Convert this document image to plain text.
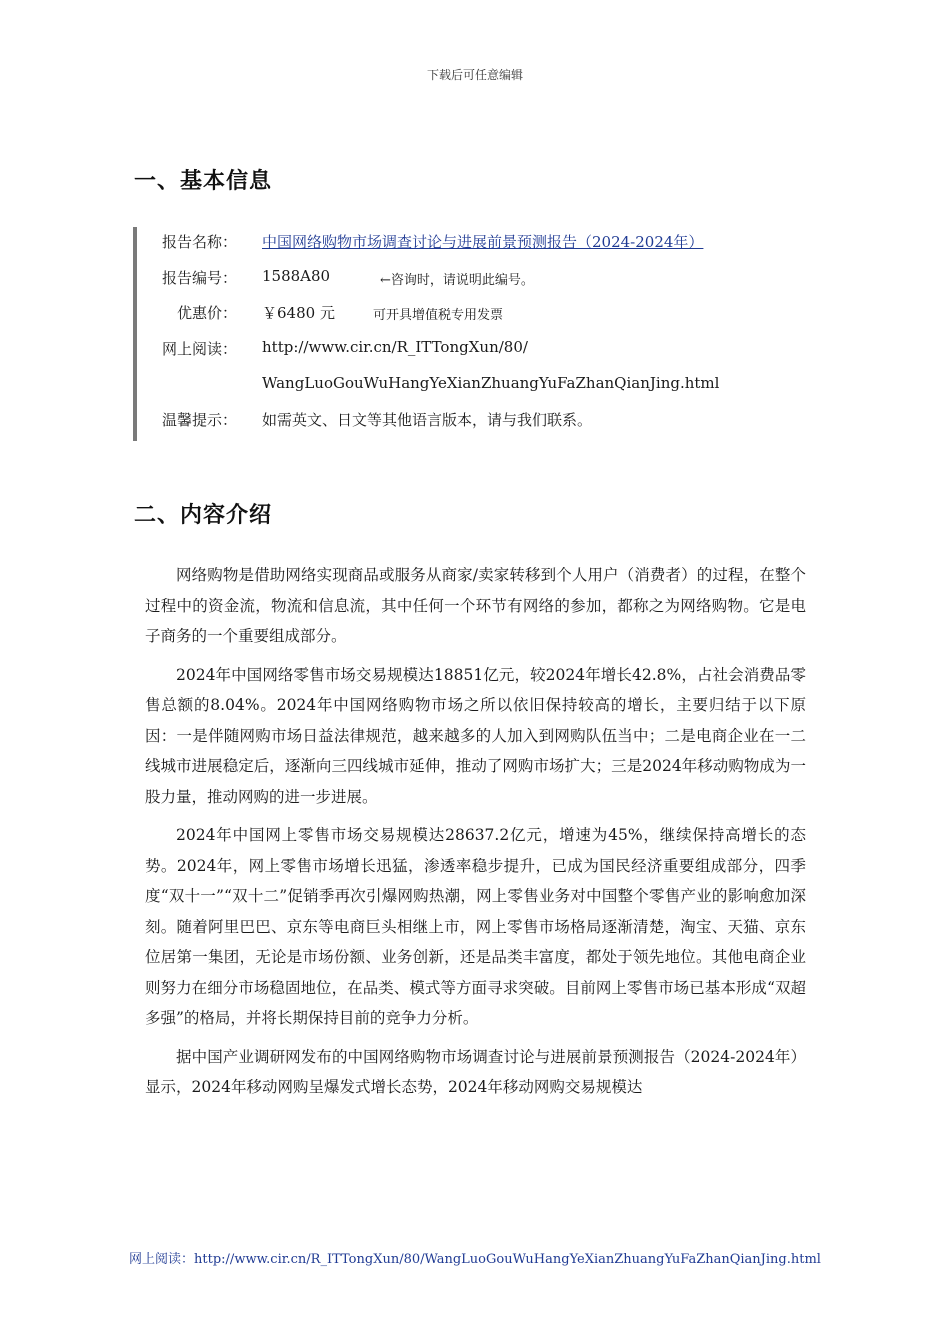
下载后可任意编辑
一、基本信息
报告名称： 中国网络购物市场调查讨论与进展前景预测报告（2024-2024年）
报告编号： 1588A80	←咨询时，请说明此编号。
优惠价： ￥6480 元	可开具增值税专用发票
网上阅读： http://www.cir.cn/R_ITTongXun/80/
WangLuoGouWuHangYeXianZhuangYuFaZhanQianJing.html
温馨提示： 如需英文、日文等其他语言版本，请与我们联系。
二、内容介绍

网络购物是借助网络实现商品或服务从商家/卖家转移到个人用户（消费者）的过程，在整个过程中的资金流，物流和信息流，其中任何一个环节有网络的参加，都称之为网络购物。它是电子商务的一个重要组成部分。

2024年中国网络零售市场交易规模达18851亿元，较2024年增长42.8%，占社会消费品零售总额的8.04%。2024年中国网络购物市场之所以依旧保持较高的增长，主要归结于以下原因：一是伴随网购市场日益法律规范，越来越多的人加入到网购队伍当中；二是电商企业在一二线城市进展稳定后，逐渐向三四线城市延伸，推动了网购市场扩大；三是2024年移动购物成为一股力量，推动网购的进一步进展。

2024年中国网上零售市场交易规模达28637.2亿元，增速为45%，继续保持高增长的态势。2024年，网上零售市场增长迅猛，渗透率稳步提升，已成为国民经济重要组成部分，四季度“双十一”“双十二”促销季再次引爆网购热潮，网上零售业务对中国整个零售产业的影响愈加深刻。随着阿里巴巴、京东等电商巨头相继上市，网上零售市场格局逐渐清楚，淘宝、天猫、京东位居第一集团，无论是市场份额、业务创新，还是品类丰富度，都处于领先地位。其他电商企业则努力在细分市场稳固地位，在品类、模式等方面寻求突破。目前网上零售市场已基本形成“双超多强”的格局，并将长期保持目前的竞争力分析。

据中国产业调研网发布的中国网络购物市场调查讨论与进展前景预测报告（2024-2024年）显示，2024年移动网购呈爆发式增长态势，2024年移动网购交易规模达

网上阅读：http://www.cir.cn/R_ITTongXun/80/WangLuoGouWuHangYeXianZhuangYuFaZhanQianJing.html
